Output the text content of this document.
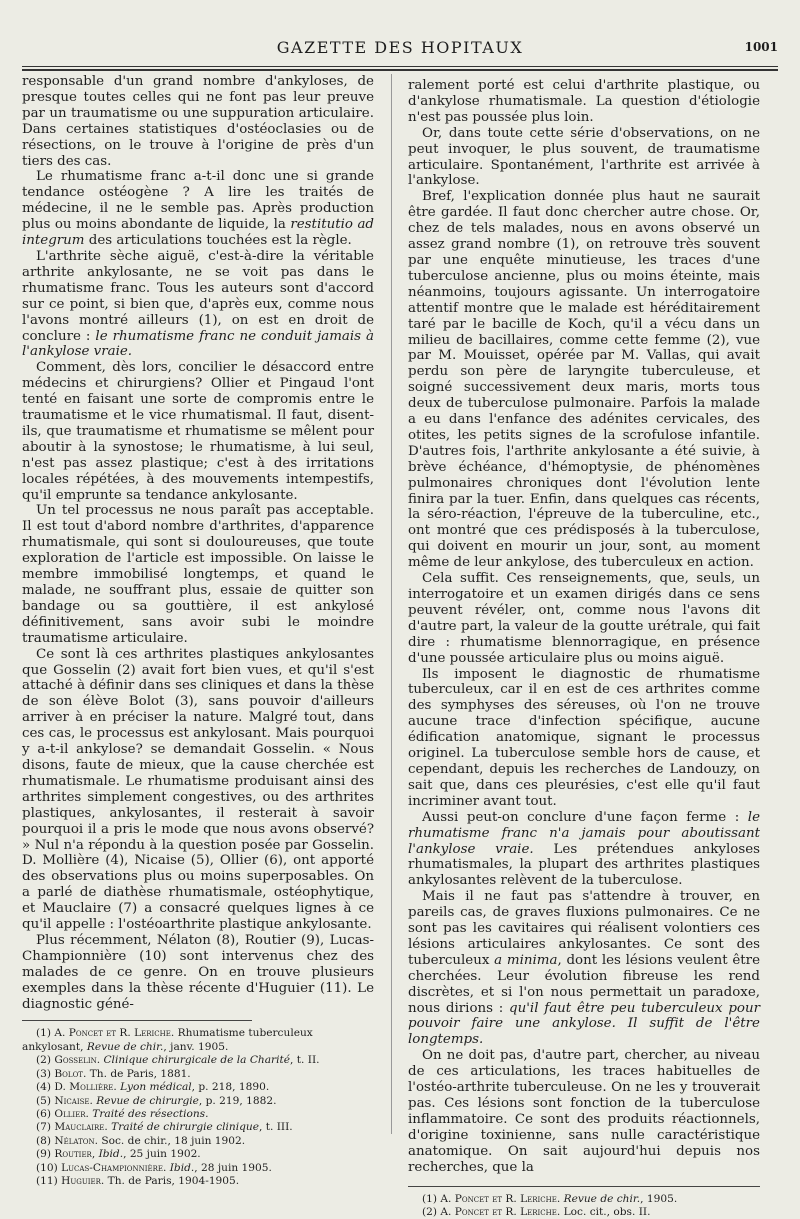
GAZETTE DES HOPITAUX	1001

responsable d'un grand nombre d'ankyloses, de presque toutes celles qui ne font pas leur preuve par un traumatisme ou une suppuration articulaire. Dans certaines statistiques d'ostéoclasies ou de résections, on le trouve à l'origine de près d'un tiers des cas.

Le rhumatisme franc a-t-il donc une si grande tendance ostéogène ? A lire les traités de médecine, il ne le semble pas. Après production plus ou moins abondante de liquide, la restitutio ad integrum des articulations touchées est la règle.

L'arthrite sèche aiguë, c'est-à-dire la véritable arthrite ankylosante, ne se voit pas dans le rhumatisme franc. Tous les auteurs sont d'accord sur ce point, si bien que, d'après eux, comme nous l'avons montré ailleurs (1), on est en droit de conclure : le rhumatisme franc ne conduit jamais à l'ankylose vraie.

Comment, dès lors, concilier le désaccord entre médecins et chirurgiens? Ollier et Pingaud l'ont tenté en faisant une sorte de compromis entre le traumatisme et le vice rhumatismal. Il faut, disent-ils, que traumatisme et rhumatisme se mêlent pour aboutir à la synostose; le rhumatisme, à lui seul, n'est pas assez plastique; c'est à des irritations locales répétées, à des mouvements intempestifs, qu'il emprunte sa tendance ankylosante.

Un tel processus ne nous paraît pas acceptable. Il est tout d'abord nombre d'arthrites, d'apparence rhumatismale, qui sont si douloureuses, que toute exploration de l'article est impossible. On laisse le membre immobilisé longtemps, et quand le malade, ne souffrant plus, essaie de quitter son bandage ou sa gouttière, il est ankylosé définitivement, sans avoir subi le moindre traumatisme articulaire.

Ce sont là ces arthrites plastiques ankylosantes que Gosselin (2) avait fort bien vues, et qu'il s'est attaché à définir dans ses cliniques et dans la thèse de son élève Bolot (3), sans pouvoir d'ailleurs arriver à en préciser la nature. Malgré tout, dans ces cas, le processus est ankylosant. Mais pourquoi y a-t-il ankylose? se demandait Gosselin. « Nous disons, faute de mieux, que la cause cherchée est rhumatismale. Le rhumatisme produisant ainsi des arthrites simplement congestives, ou des arthrites plastiques, ankylosantes, il resterait à savoir pourquoi il a pris le mode que nous avons observé? » Nul n'a répondu à la question posée par Gosselin. D. Mollière (4), Nicaise (5), Ollier (6), ont apporté des observations plus ou moins superposables. On a parlé de diathèse rhumatismale, ostéophytique, et Mauclaire (7) a consacré quelques lignes à ce qu'il appelle : l'ostéoarthrite plastique ankylosante.

Plus récemment, Nélaton (8), Routier (9), Lucas-Championnière (10) sont intervenus chez des malades de ce genre. On en trouve plusieurs exemples dans la thèse récente d'Huguier (11). Le diagnostic géné-

(1) A. Poncet et R. Leriche. Rhumatisme tuberculeux ankylosant, Revue de chir., janv. 1905.

(2) Gosselin. Clinique chirurgicale de la Charité, t. II.

(3) Bolot. Th. de Paris, 1881.

(4) D. Mollière. Lyon médical, p. 218, 1890.

(5) Nicaise. Revue de chirurgie, p. 219, 1882.

(6) Ollier. Traité des résections.

(7) Mauclaire. Traité de chirurgie clinique, t. III.

(8) Nélaton. Soc. de chir., 18 juin 1902.

(9) Routier, Ibid., 25 juin 1902.

(10) Lucas-Championnière. Ibid., 28 juin 1905.

(11) Huguier. Th. de Paris, 1904-1905.

ralement porté est celui d'arthrite plastique, ou d'ankylose rhumatismale. La question d'étiologie n'est pas poussée plus loin.

Or, dans toute cette série d'observations, on ne peut invoquer, le plus souvent, de traumatisme articulaire. Spontanément, l'arthrite est arrivée à l'ankylose.

Bref, l'explication donnée plus haut ne saurait être gardée. Il faut donc chercher autre chose. Or, chez de tels malades, nous en avons observé un assez grand nombre (1), on retrouve très souvent par une enquête minutieuse, les traces d'une tuberculose ancienne, plus ou moins éteinte, mais néanmoins, toujours agissante. Un interrogatoire attentif montre que le malade est héréditairement taré par le bacille de Koch, qu'il a vécu dans un milieu de bacillaires, comme cette femme (2), vue par M. Mouisset, opérée par M. Vallas, qui avait perdu son père de laryngite tuberculeuse, et soigné successivement deux maris, morts tous deux de tuberculose pulmonaire. Parfois la malade a eu dans l'enfance des adénites cervicales, des otites, les petits signes de la scrofulose infantile. D'autres fois, l'arthrite ankylosante a été suivie, à brève échéance, d'hémoptysie, de phénomènes pulmonaires chroniques dont l'évolution lente finira par la tuer. Enfin, dans quelques cas récents, la séro-réaction, l'épreuve de la tuberculine, etc., ont montré que ces prédisposés à la tuberculose, qui doivent en mourir un jour, sont, au moment même de leur ankylose, des tuberculeux en action.

Cela suffit. Ces renseignements, que, seuls, un interrogatoire et un examen dirigés dans ce sens peuvent révéler, ont, comme nous l'avons dit d'autre part, la valeur de la goutte urétrale, qui fait dire : rhumatisme blennorragique, en présence d'une poussée articulaire plus ou moins aiguë.

Ils imposent le diagnostic de rhumatisme tuberculeux, car il en est de ces arthrites comme des symphyses des séreuses, où l'on ne trouve aucune trace d'infection spécifique, aucune édification anatomique, signant le processus originel. La tuberculose semble hors de cause, et cependant, depuis les recherches de Landouzy, on sait que, dans ces pleurésies, c'est elle qu'il faut incriminer avant tout.

Aussi peut-on conclure d'une façon ferme : le rhumatisme franc n'a jamais pour aboutissant l'ankylose vraie. Les prétendues ankyloses rhumatismales, la plupart des arthrites plastiques ankylosantes relèvent de la tuberculose.

Mais il ne faut pas s'attendre à trouver, en pareils cas, de graves fluxions pulmonaires. Ce ne sont pas les cavitaires qui réalisent volontiers ces lésions articulaires ankylosantes. Ce sont des tuberculeux a minima, dont les lésions veulent être cherchées. Leur évolution fibreuse les rend discrètes, et si l'on nous permettait un paradoxe, nous dirions : qu'il faut être peu tuberculeux pour pouvoir faire une ankylose. Il suffit de l'être longtemps.

On ne doit pas, d'autre part, chercher, au niveau de ces articulations, les traces habituelles de l'ostéo-arthrite tuberculeuse. On ne les y trouverait pas. Ces lésions sont fonction de la tuberculose inflammatoire. Ce sont des produits réactionnels, d'origine toxinienne, sans nulle caractéristique anatomique. On sait aujourd'hui depuis nos recherches, que la

(1) A. Poncet et R. Leriche. Revue de chir., 1905.

(2) A. Poncet et R. Leriche. Loc. cit., obs. II.
